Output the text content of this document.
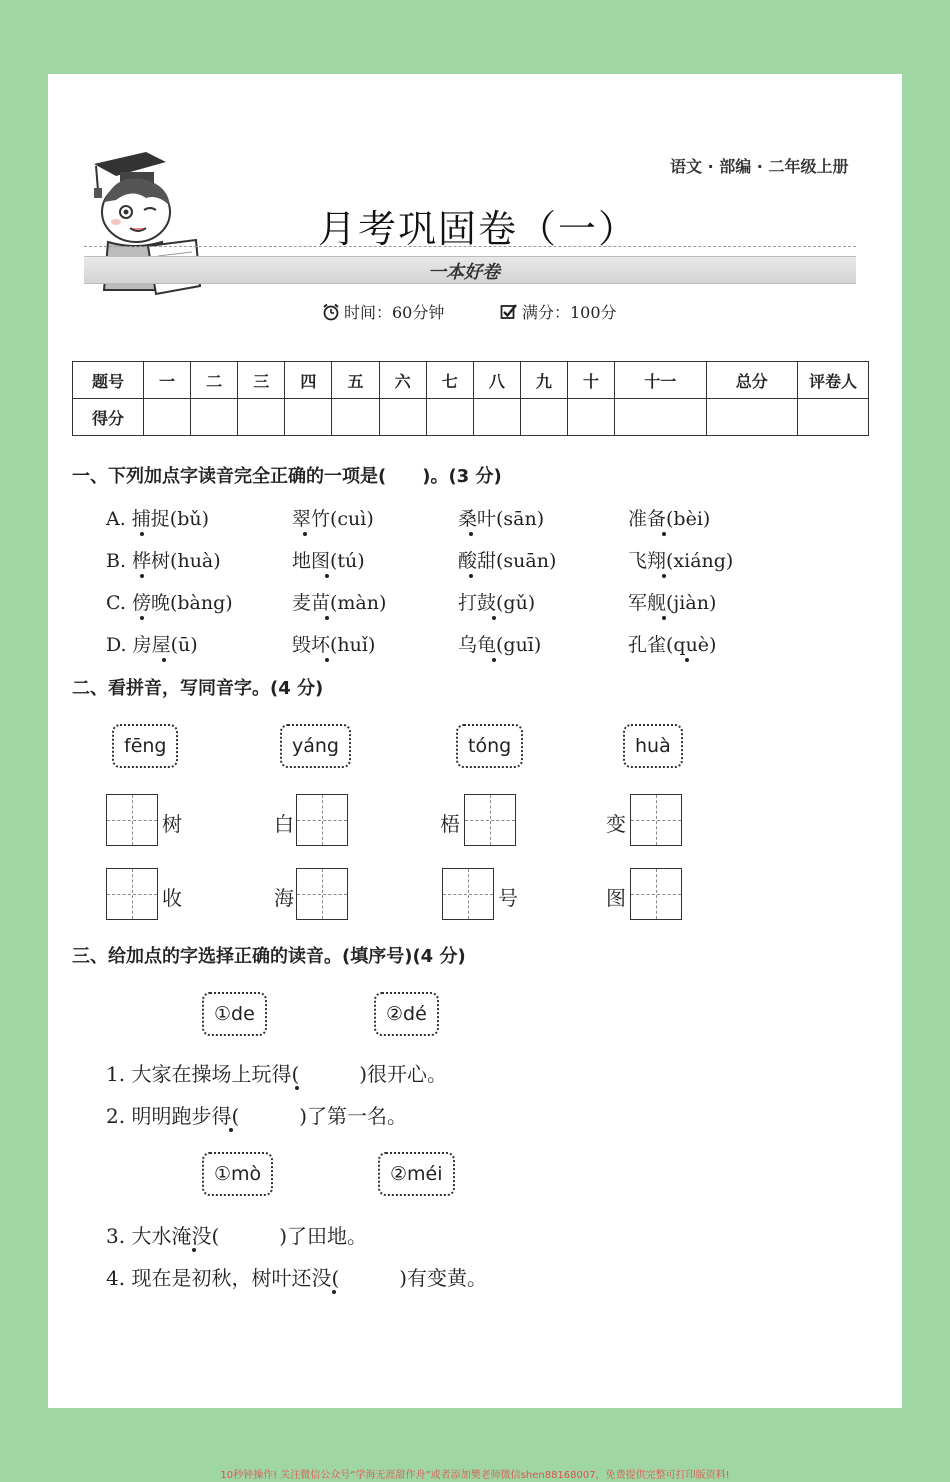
语文 · 部编 · 二年级上册
月考巩固卷（一）
一本好卷
时间：60分钟	满分：100分
题号	一	二	三	四	五	六	七	八	九	十	十一	总分	评卷人
得分													
一、下列加点字读音完全正确的一项是(　　)。(3 分)
A. 捕捉(bǔ)	翠竹(cuì)	桑叶(sān)	准备(bèi)
B. 桦树(huà)	地图(tú)	酸甜(suān)	飞翔(xiáng)
C. 傍晚(bàng)	麦苗(màn)	打鼓(gǔ)	军舰(jiàn)
D. 房屋(ū)	毁坏(huǐ)	乌龟(guī)	孔雀(què)
二、看拼音，写同音字。(4 分)
fēng	yáng	tóng	huà
树	白	梧	变
收	海	号	图
三、给加点的字选择正确的读音。(填序号)(4 分)
①de	②dé
1. 大家在操场上玩得(　　　)很开心。
2. 明明跑步得(　　　)了第一名。
①mò	②méi
3. 大水淹没(　　　)了田地。
4. 现在是初秋，树叶还没(　　　)有变黄。
10秒钟操作! 关注微信公众号“学海无涯甜作舟”或者添加樊老师微信shen88168007，免费提供完整可打印版资料!
